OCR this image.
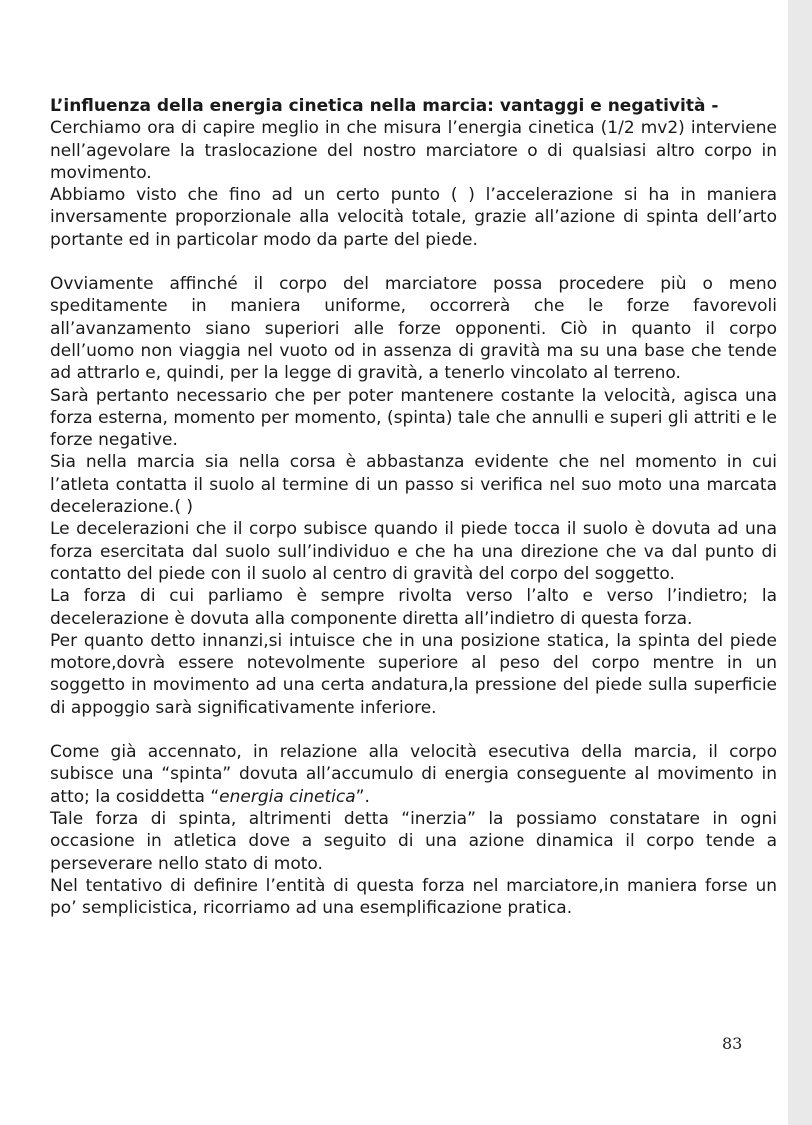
L’influenza della energia cinetica nella marcia: vantaggi e negatività -

Cerchiamo ora di capire meglio in che misura l’energia cinetica (1/2 mv2) interviene nell’agevolare la traslocazione del nostro marciatore o di qualsiasi altro corpo in movimento.

Abbiamo visto che fino ad un certo punto ( ) l’accelerazione si ha in maniera inversamente proporzionale alla velocità totale, grazie all’azione di spinta dell’arto portante ed in particolar modo da parte del piede.

Ovviamente affinché il corpo del marciatore possa procedere più o meno speditamente in maniera uniforme, occorrerà che le forze favorevoli all’avanzamento siano superiori alle forze opponenti. Ciò in quanto il corpo dell’uomo non viaggia nel vuoto od in assenza di gravità ma su una base che tende ad attrarlo e, quindi, per la legge di gravità, a tenerlo vincolato al terreno.

Sarà pertanto necessario che per poter mantenere costante la velocità, agisca una forza esterna, momento per momento, (spinta) tale che annulli e superi gli attriti e le forze negative.

Sia nella marcia sia nella corsa è abbastanza evidente che nel momento in cui l’atleta contatta il suolo al termine di un passo si verifica nel suo moto una marcata decelerazione.( )

Le decelerazioni che il corpo subisce quando il piede tocca il suolo è dovuta ad una forza esercitata dal suolo sull’individuo e che ha una direzione che va dal punto di contatto del piede con il suolo al centro di gravità del corpo del soggetto.

La forza di cui parliamo è sempre rivolta verso l’alto e verso l’indietro; la decelerazione è dovuta alla componente diretta all’indietro di questa forza.

Per quanto detto innanzi,si intuisce che in una posizione statica, la spinta del piede motore,dovrà essere notevolmente superiore al peso del corpo mentre in un soggetto in movimento ad una certa andatura,la pressione del piede sulla superficie di appoggio sarà significativamente inferiore.

Come già accennato, in relazione alla velocità esecutiva della marcia, il corpo subisce una “spinta” dovuta all’accumulo di energia conseguente al movimento in atto; la cosiddetta “energia cinetica”.

Tale forza di spinta, altrimenti detta “inerzia” la possiamo constatare in ogni occasione in atletica dove a seguito di una azione dinamica il corpo tende a perseverare nello stato di moto.

Nel tentativo di definire l’entità di questa forza nel marciatore,in maniera forse un po’ semplicistica, ricorriamo ad una esemplificazione pratica.

83
